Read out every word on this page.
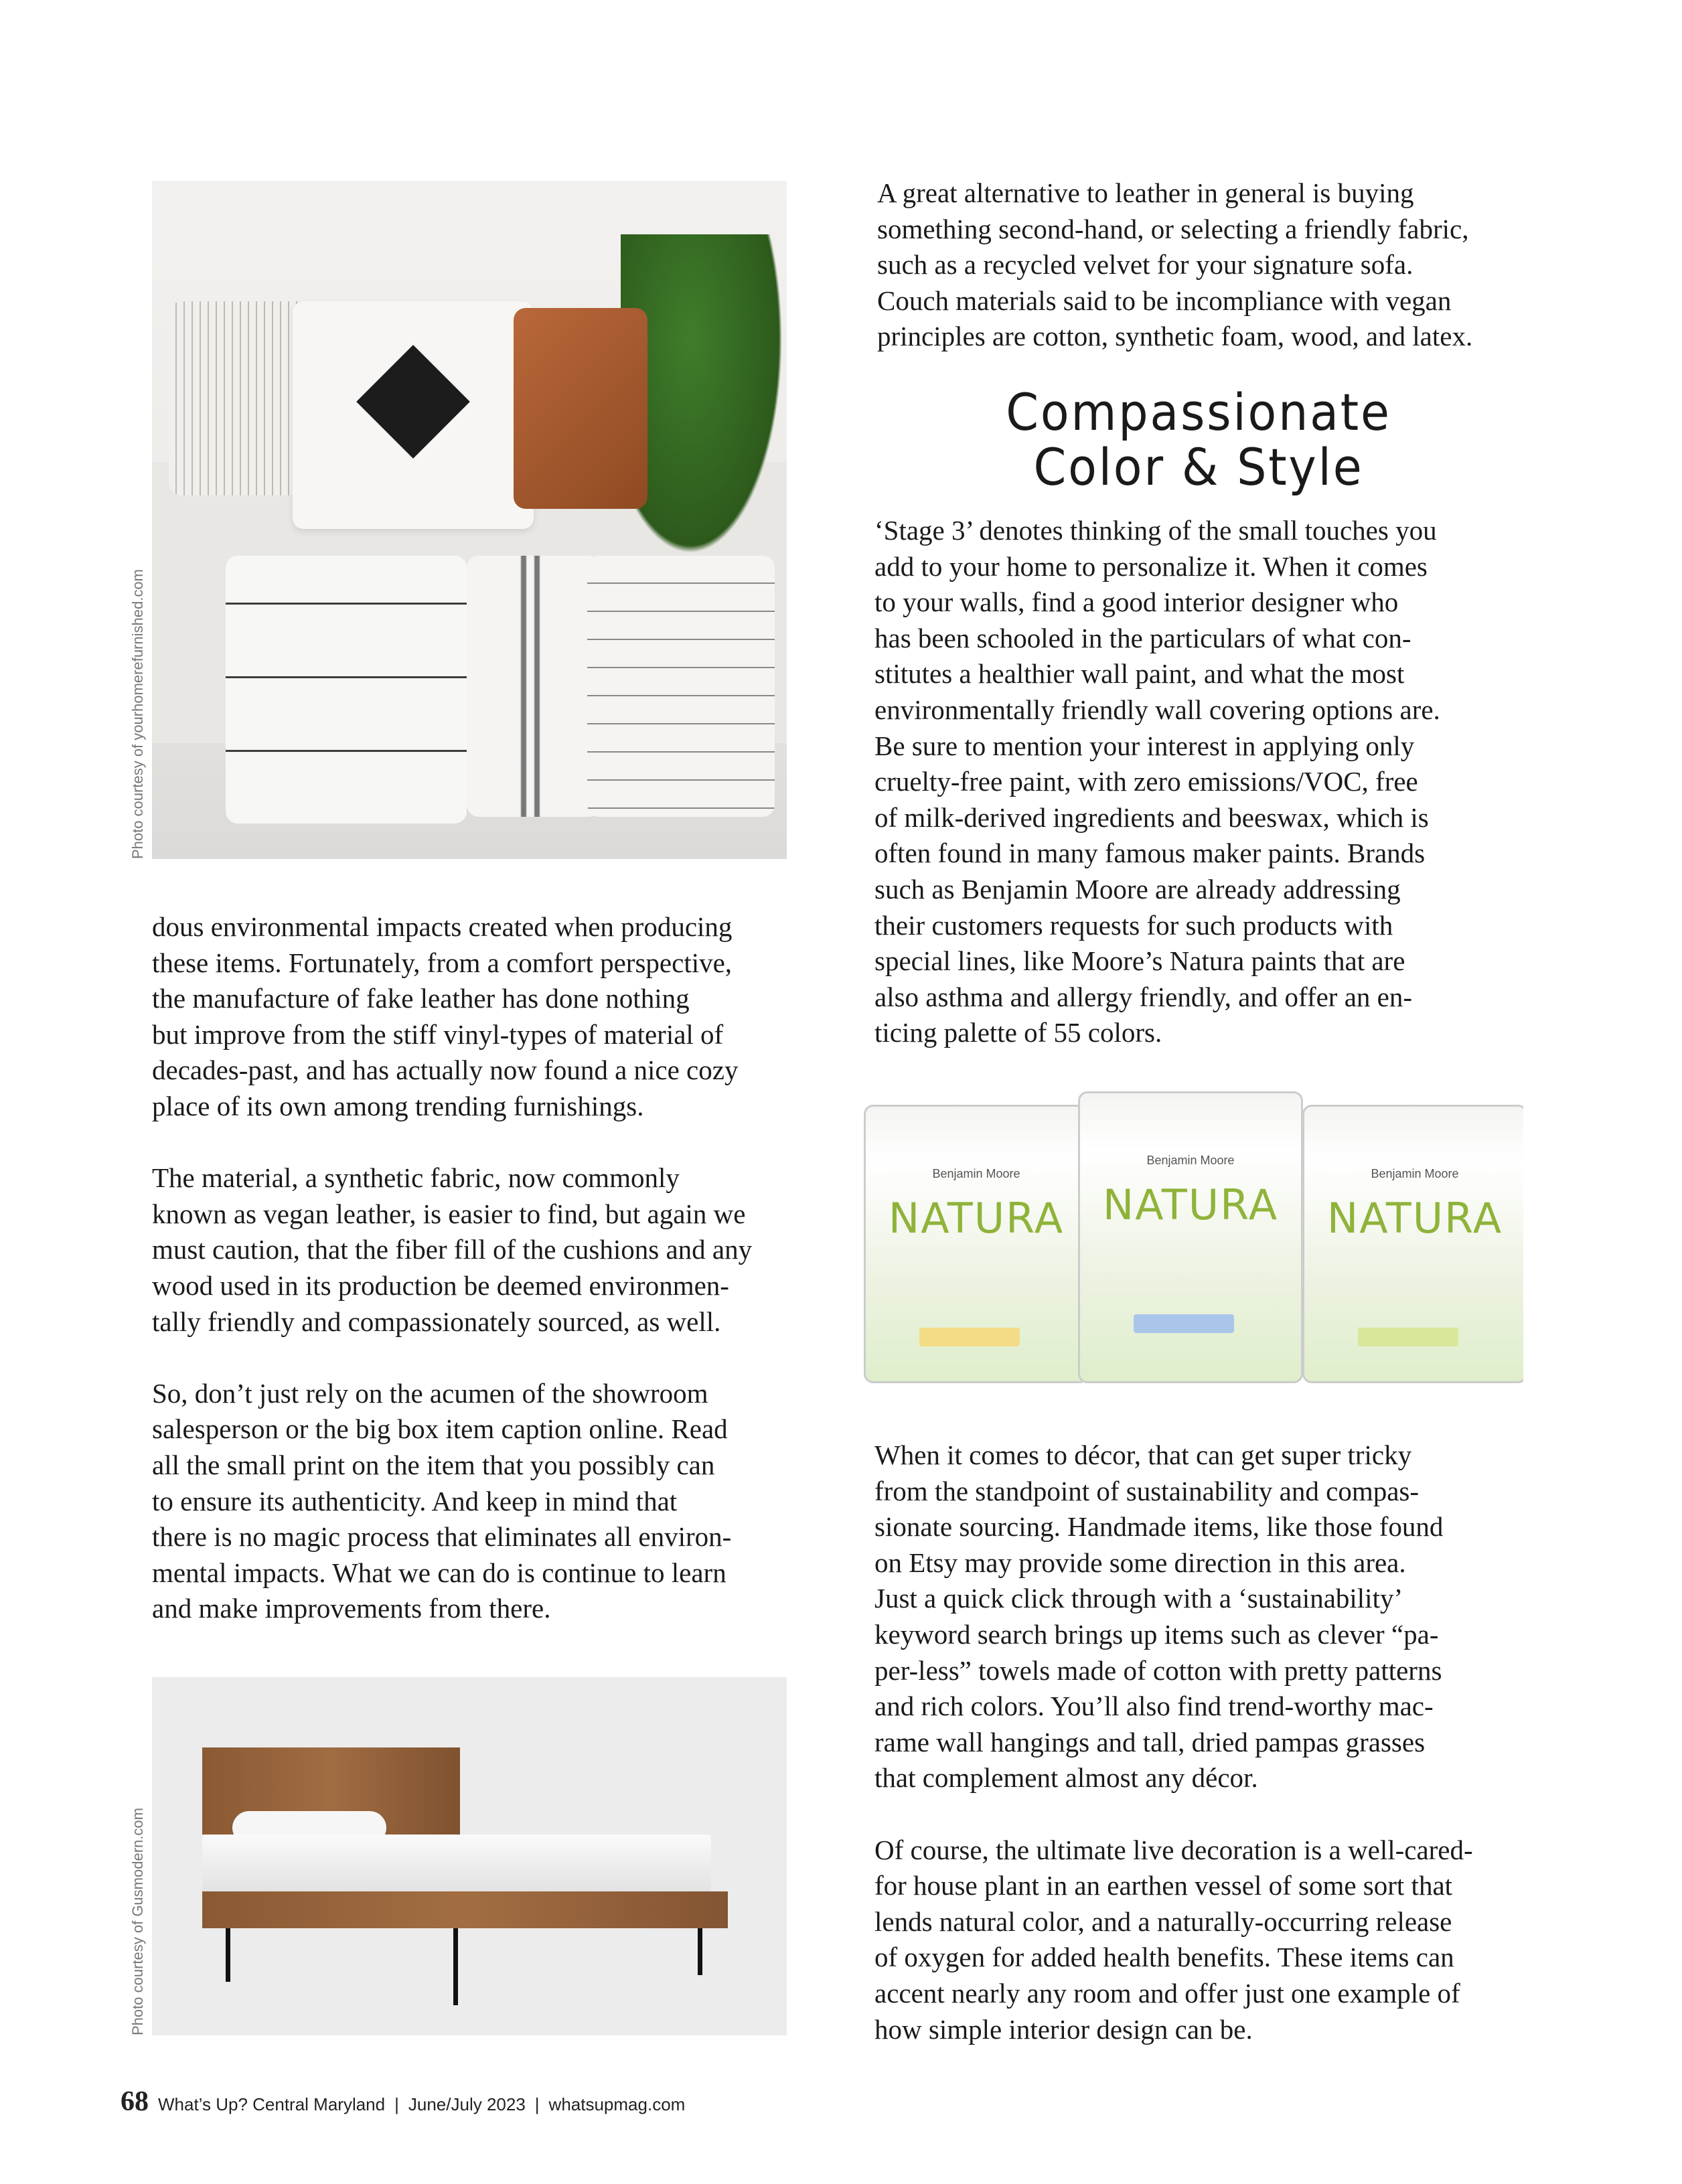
Photo courtesy of yourhomerefurnished.com

dous environmental impacts created when producing
these items. Fortunately, from a comfort perspective,
the manufacture of fake leather has done nothing
but improve from the stiff vinyl-types of material of
decades-past, and has actually now found a nice cozy
place of its own among trending furnishings.

The material, a synthetic fabric, now commonly
known as vegan leather, is easier to find, but again we
must caution, that the fiber fill of the cushions and any
wood used in its production be deemed environmen-
tally friendly and compassionately sourced, as well.

So, don’t just rely on the acumen of the showroom
salesperson or the big box item caption online. Read
all the small print on the item that you possibly can
to ensure its authenticity. And keep in mind that
there is no magic process that eliminates all environ-
mental impacts. What we can do is continue to learn
and make improvements from there.

Photo courtesy of Gusmodern.com

A great alternative to leather in general is buying
something second-hand, or selecting a friendly fabric,
such as a recycled velvet for your signature sofa.
Couch materials said to be incompliance with vegan
principles are cotton, synthetic foam, wood, and latex.

Compassionate
Color & Style

‘Stage 3’ denotes thinking of the small touches you
add to your home to personalize it. When it comes
to your walls, find a good interior designer who
has been schooled in the particulars of what con-
stitutes a healthier wall paint, and what the most
environmentally friendly wall covering options are.
Be sure to mention your interest in applying only
cruelty-free paint, with zero emissions/VOC, free
of milk-derived ingredients and beeswax, which is
often found in many famous maker paints. Brands
such as Benjamin Moore are already addressing
their customers requests for such products with
special lines, like Moore’s Natura paints that are
also asthma and allergy friendly, and offer an en-
ticing palette of 55 colors.

Benjamin Moore
NATURA
Benjamin Moore
NATURA
Benjamin Moore
NATURA

When it comes to décor, that can get super tricky
from the standpoint of sustainability and compas-
sionate sourcing. Handmade items, like those found
on Etsy may provide some direction in this area.
Just a quick click through with a ‘sustainability’
keyword search brings up items such as clever “pa-
per-less” towels made of cotton with pretty patterns
and rich colors. You’ll also find trend-worthy mac-
rame wall hangings and tall, dried pampas grasses
that complement almost any décor.

Of course, the ultimate live decoration is a well-cared-
for house plant in an earthen vessel of some sort that
lends natural color, and a naturally-occurring release
of oxygen for added health benefits. These items can
accent nearly any room and offer just one example of
how simple interior design can be.

68 What’s Up? Central Maryland | June/July 2023 | whatsupmag.com
